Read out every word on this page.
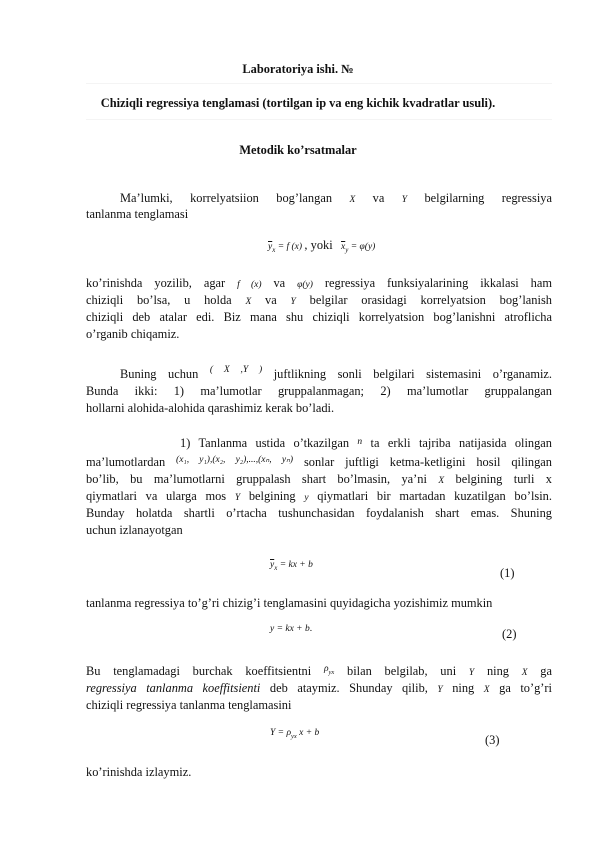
Laboratoriya ishi. №
Chiziqli regressiya tenglamasi (tortilgan ip va eng kichik kvadratlar usuli).
Metodik ko’rsatmalar
Ma’lumki, korrelyatsiion bog’langan X va Y belgilarning regressiya
tanlanma tenglamasi
$\overline{y}_x = f$ (x) , yoki $\overline{x}_y = \varphi(y)$
ko’rinishda yozilib, agar f (x) va φ(y) regressiya funksiyalarining ikkalasi ham
chiziqli bo’lsa, u holda X va Y belgilar orasidagi korrelyatsion bog’lanish
chiziqli deb atalar edi. Biz mana shu chiziqli korrelyatsion bog’lanishni atroflicha
o’rganib chiqamiz.
Buning uchun $^{( X ,Y )}$ juftlikning sonli belgilari sistemasini o’rganamiz.
Bunda ikki: 1) ma’lumotlar gruppalanmagan; 2) ma’lumotlar gruppalangan
hollarni alohida-alohida qarashimiz kerak bo’ladi.
1) Tanlanma ustida o’tkazilgan $^n$ ta erkli tajriba natijasida olingan
ma’lumotlardan $^{(x_1, y_1),(x_2, y_2),...,(x_n, y_n)}$ sonlar juftligi ketma-ketligini hosil qilingan
bo’lib, bu ma’lumotlarni gruppalash shart bo’lmasin, ya’ni X belgining turli x
qiymatlari va ularga mos Y belgining y qiymatlari bir martadan kuzatilgan bo’lsin.
Bunday holatda shartli o’rtacha tushunchasidan foydalanish shart emas. Shuning
uchun izlanayotgan
$\overline{y}_x$ = kx + b
(1)
tanlanma regressiya to’g’ri chizig’i tenglamasini quyidagicha yozishimiz mumkin
y = kx + b.	(2)
Bu tenglamadagi burchak koeffitsientni $^{\rho_{yx}}$ bilan belgilab, uni Y ning X ga
regressiya tanlanma koeffitsienti deb ataymiz. Shunday qilib, Y ning X ga to’g’ri
chiziqli regressiya tanlanma tenglamasini
$Y = \rho_{yx}$ x + b	(3)
ko’rinishda izlaymiz.
